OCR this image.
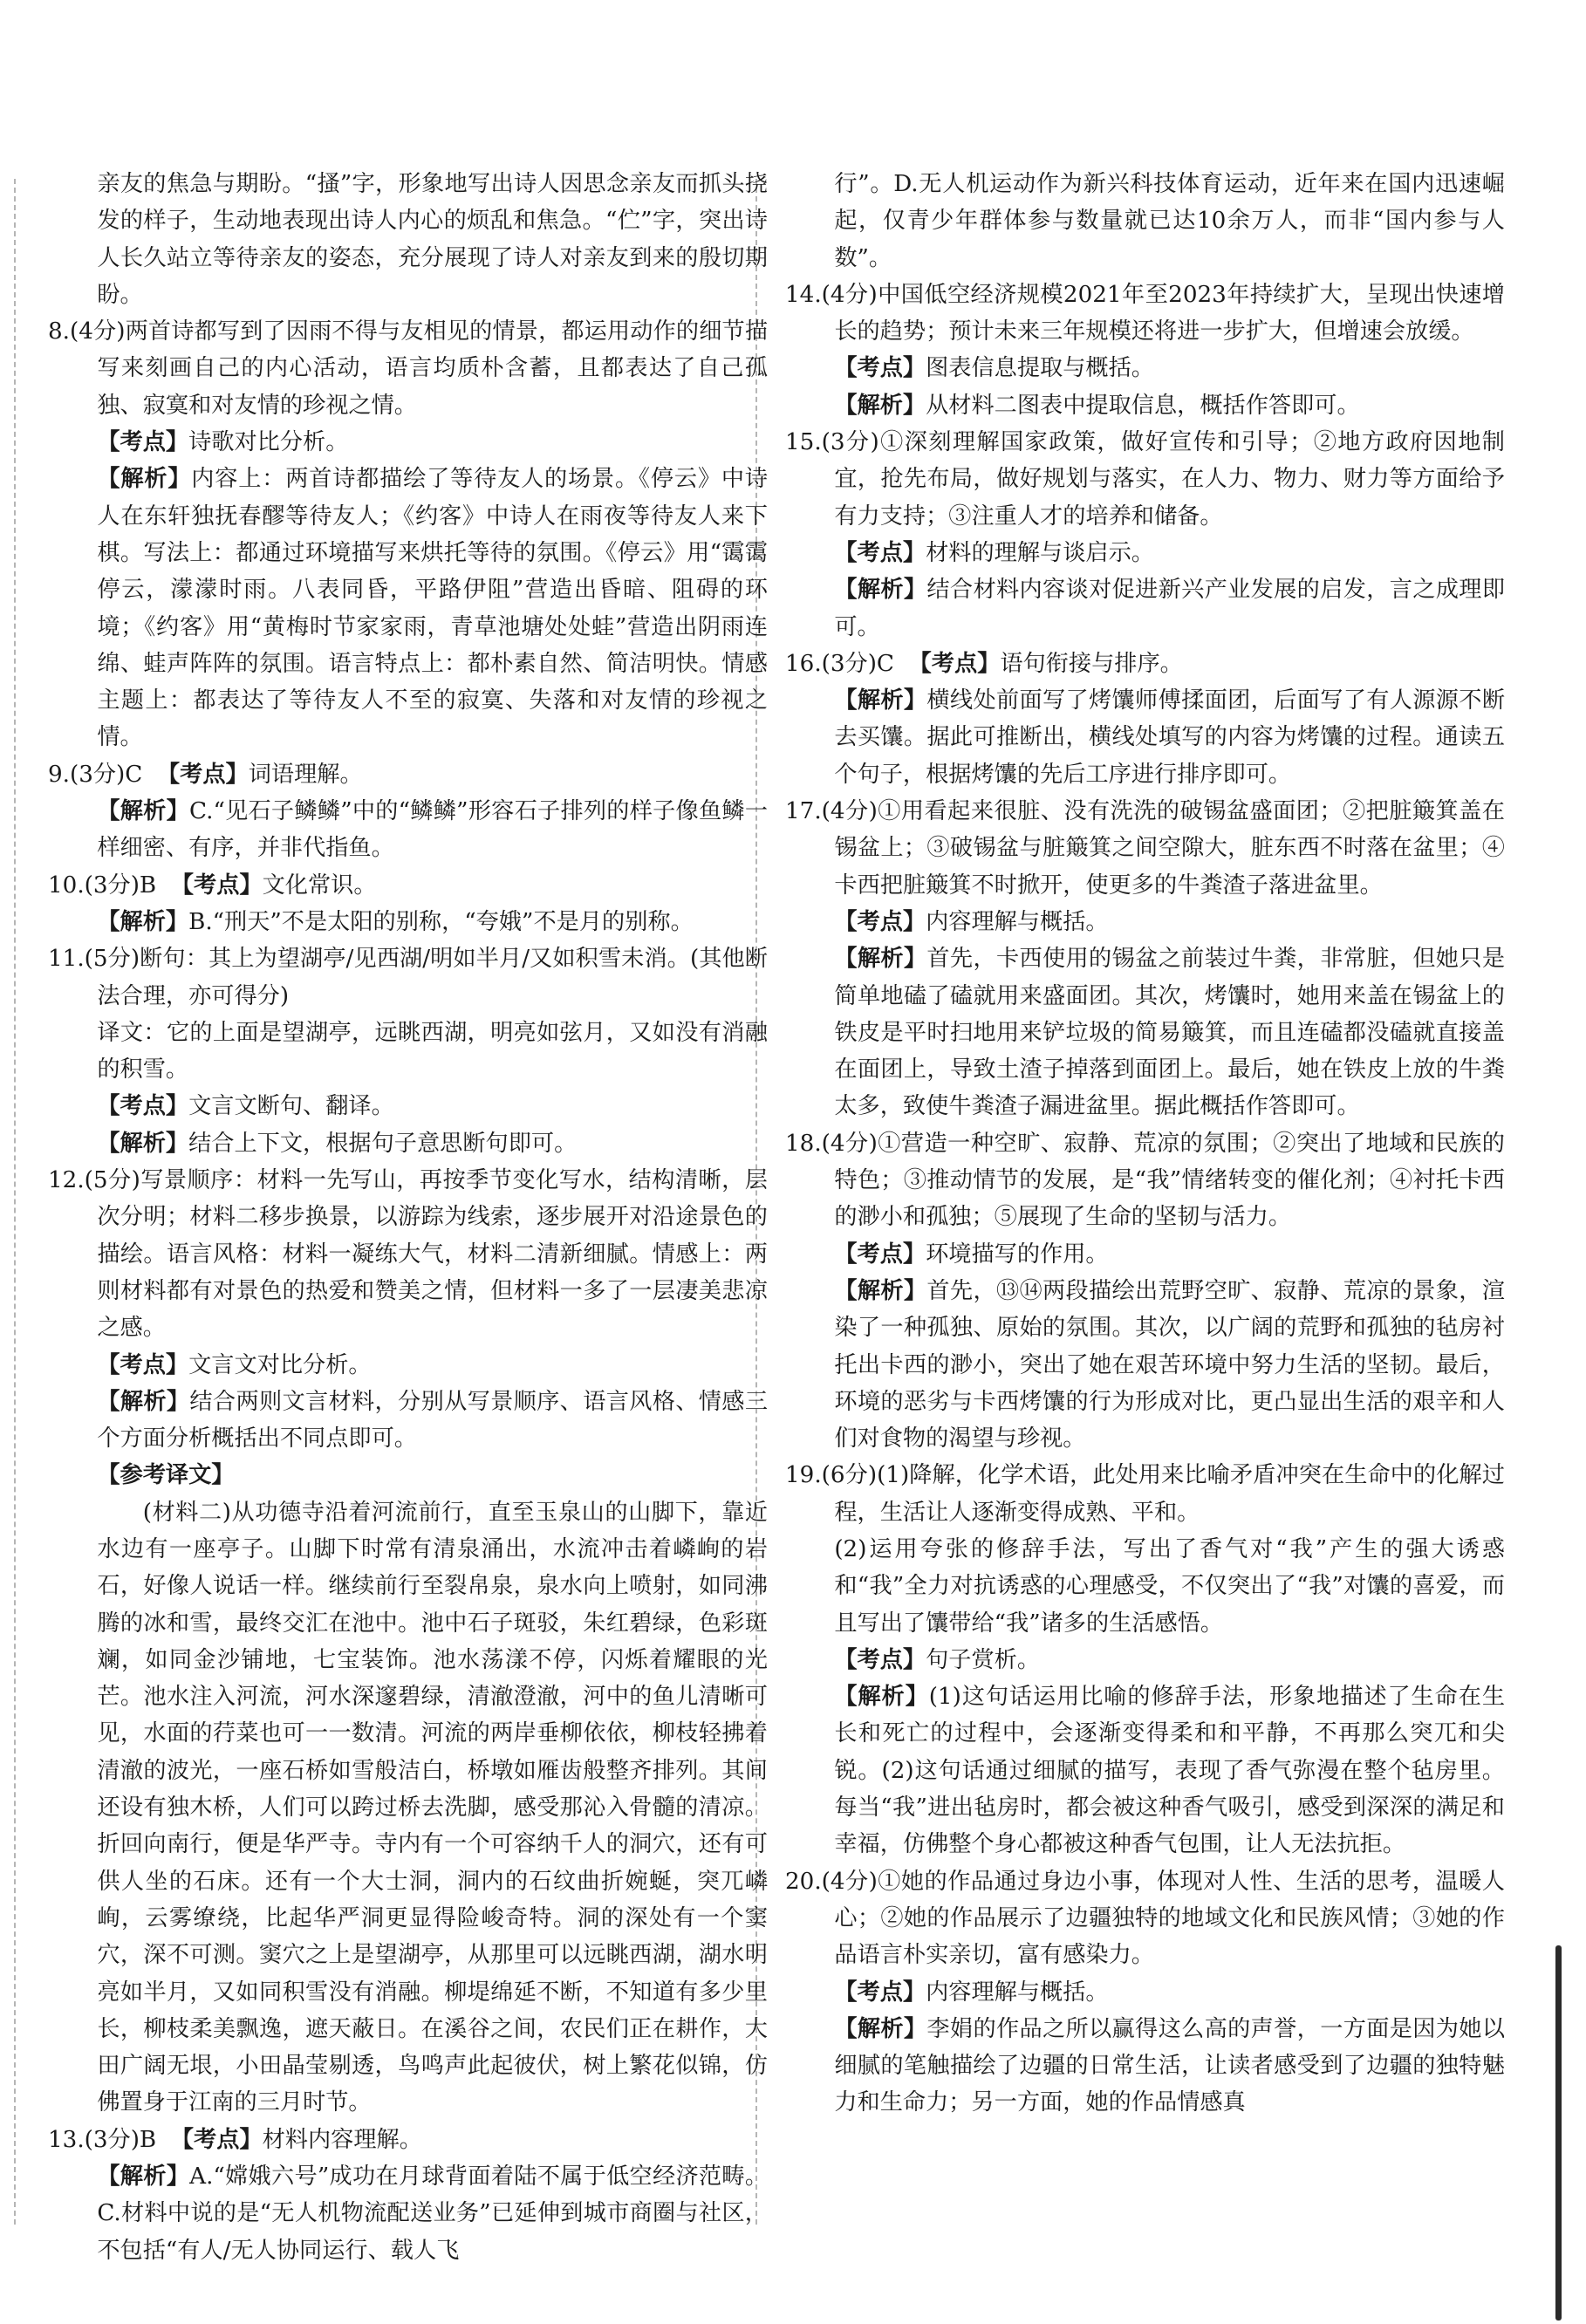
亲友的焦急与期盼。“搔”字，形象地写出诗人因思念亲友而抓头挠发的样子，生动地表现出诗人内心的烦乱和焦急。“伫”字，突出诗人长久站立等待亲友的姿态，充分展现了诗人对亲友到来的殷切期盼。

8.(4分)两首诗都写到了因雨不得与友相见的情景，都运用动作的细节描写来刻画自己的内心活动，语言均质朴含蓄，且都表达了自己孤独、寂寞和对友情的珍视之情。

【考点】诗歌对比分析。

【解析】内容上：两首诗都描绘了等待友人的场景。《停云》中诗人在东轩独抚春醪等待友人；《约客》中诗人在雨夜等待友人来下棋。写法上：都通过环境描写来烘托等待的氛围。《停云》用“霭霭停云，濛濛时雨。八表同昏，平路伊阻”营造出昏暗、阻碍的环境；《约客》用“黄梅时节家家雨，青草池塘处处蛙”营造出阴雨连绵、蛙声阵阵的氛围。语言特点上：都朴素自然、简洁明快。情感主题上：都表达了等待友人不至的寂寞、失落和对友情的珍视之情。

9.(3分)C 【考点】词语理解。

【解析】C.“见石子鳞鳞”中的“鳞鳞”形容石子排列的样子像鱼鳞一样细密、有序，并非代指鱼。

10.(3分)B 【考点】文化常识。

【解析】B.“刑天”不是太阳的别称，“夸娥”不是月的别称。

11.(5分)断句：其上为望湖亭/见西湖/明如半月/又如积雪未消。(其他断法合理，亦可得分)

译文：它的上面是望湖亭，远眺西湖，明亮如弦月，又如没有消融的积雪。

【考点】文言文断句、翻译。

【解析】结合上下文，根据句子意思断句即可。

12.(5分)写景顺序：材料一先写山，再按季节变化写水，结构清晰，层次分明；材料二移步换景，以游踪为线索，逐步展开对沿途景色的描绘。语言风格：材料一凝练大气，材料二清新细腻。情感上：两则材料都有对景色的热爱和赞美之情，但材料一多了一层凄美悲凉之感。

【考点】文言文对比分析。

【解析】结合两则文言材料，分别从写景顺序、语言风格、情感三个方面分析概括出不同点即可。

【参考译文】

(材料二)从功德寺沿着河流前行，直至玉泉山的山脚下，靠近水边有一座亭子。山脚下时常有清泉涌出，水流冲击着嶙峋的岩石，好像人说话一样。继续前行至裂帛泉，泉水向上喷射，如同沸腾的冰和雪，最终交汇在池中。池中石子斑驳，朱红碧绿，色彩斑斓，如同金沙铺地，七宝装饰。池水荡漾不停，闪烁着耀眼的光芒。池水注入河流，河水深邃碧绿，清澈澄澈，河中的鱼儿清晰可见，水面的荇菜也可一一数清。河流的两岸垂柳依依，柳枝轻拂着清澈的波光，一座石桥如雪般洁白，桥墩如雁齿般整齐排列。其间还设有独木桥，人们可以跨过桥去洗脚，感受那沁入骨髓的清凉。折回向南行，便是华严寺。寺内有一个可容纳千人的洞穴，还有可供人坐的石床。还有一个大士洞，洞内的石纹曲折婉蜒，突兀嶙峋，云雾缭绕，比起华严洞更显得险峻奇特。洞的深处有一个窦穴，深不可测。窦穴之上是望湖亭，从那里可以远眺西湖，湖水明亮如半月，又如同积雪没有消融。柳堤绵延不断，不知道有多少里长，柳枝柔美飘逸，遮天蔽日。在溪谷之间，农民们正在耕作，大田广阔无垠，小田晶莹剔透，鸟鸣声此起彼伏，树上繁花似锦，仿佛置身于江南的三月时节。

13.(3分)B 【考点】材料内容理解。

【解析】A.“嫦娥六号”成功在月球背面着陆不属于低空经济范畴。C.材料中说的是“无人机物流配送业务”已延伸到城市商圈与社区，不包括“有人/无人协同运行、载人飞

行”。D.无人机运动作为新兴科技体育运动，近年来在国内迅速崛起，仅青少年群体参与数量就已达10余万人，而非“国内参与人数”。

14.(4分)中国低空经济规模2021年至2023年持续扩大，呈现出快速增长的趋势；预计未来三年规模还将进一步扩大，但增速会放缓。

【考点】图表信息提取与概括。

【解析】从材料二图表中提取信息，概括作答即可。

15.(3分)①深刻理解国家政策，做好宣传和引导；②地方政府因地制宜，抢先布局，做好规划与落实，在人力、物力、财力等方面给予有力支持；③注重人才的培养和储备。

【考点】材料的理解与谈启示。

【解析】结合材料内容谈对促进新兴产业发展的启发，言之成理即可。

16.(3分)C 【考点】语句衔接与排序。

【解析】横线处前面写了烤馕师傅揉面团，后面写了有人源源不断去买馕。据此可推断出，横线处填写的内容为烤馕的过程。通读五个句子，根据烤馕的先后工序进行排序即可。

17.(4分)①用看起来很脏、没有洗洗的破锡盆盛面团；②把脏簸箕盖在锡盆上；③破锡盆与脏簸箕之间空隙大，脏东西不时落在盆里；④卡西把脏簸箕不时掀开，使更多的牛粪渣子落进盆里。

【考点】内容理解与概括。

【解析】首先，卡西使用的锡盆之前装过牛粪，非常脏，但她只是简单地磕了磕就用来盛面团。其次，烤馕时，她用来盖在锡盆上的铁皮是平时扫地用来铲垃圾的简易簸箕，而且连磕都没磕就直接盖在面团上，导致土渣子掉落到面团上。最后，她在铁皮上放的牛粪太多，致使牛粪渣子漏进盆里。据此概括作答即可。

18.(4分)①营造一种空旷、寂静、荒凉的氛围；②突出了地域和民族的特色；③推动情节的发展，是“我”情绪转变的催化剂；④衬托卡西的渺小和孤独；⑤展现了生命的坚韧与活力。

【考点】环境描写的作用。

【解析】首先，⑬⑭两段描绘出荒野空旷、寂静、荒凉的景象，渲染了一种孤独、原始的氛围。其次，以广阔的荒野和孤独的毡房衬托出卡西的渺小，突出了她在艰苦环境中努力生活的坚韧。最后，环境的恶劣与卡西烤馕的行为形成对比，更凸显出生活的艰辛和人们对食物的渴望与珍视。

19.(6分)(1)降解，化学术语，此处用来比喻矛盾冲突在生命中的化解过程，生活让人逐渐变得成熟、平和。

(2)运用夸张的修辞手法，写出了香气对“我”产生的强大诱惑和“我”全力对抗诱惑的心理感受，不仅突出了“我”对馕的喜爱，而且写出了馕带给“我”诸多的生活感悟。

【考点】句子赏析。

【解析】(1)这句话运用比喻的修辞手法，形象地描述了生命在生长和死亡的过程中，会逐渐变得柔和和平静，不再那么突兀和尖锐。(2)这句话通过细腻的描写，表现了香气弥漫在整个毡房里。每当“我”进出毡房时，都会被这种香气吸引，感受到深深的满足和幸福，仿佛整个身心都被这种香气包围，让人无法抗拒。

20.(4分)①她的作品通过身边小事，体现对人性、生活的思考，温暖人心；②她的作品展示了边疆独特的地域文化和民族风情；③她的作品语言朴实亲切，富有感染力。

【考点】内容理解与概括。

【解析】李娟的作品之所以赢得这么高的声誉，一方面是因为她以细腻的笔触描绘了边疆的日常生活，让读者感受到了边疆的独特魅力和生命力；另一方面，她的作品情感真
